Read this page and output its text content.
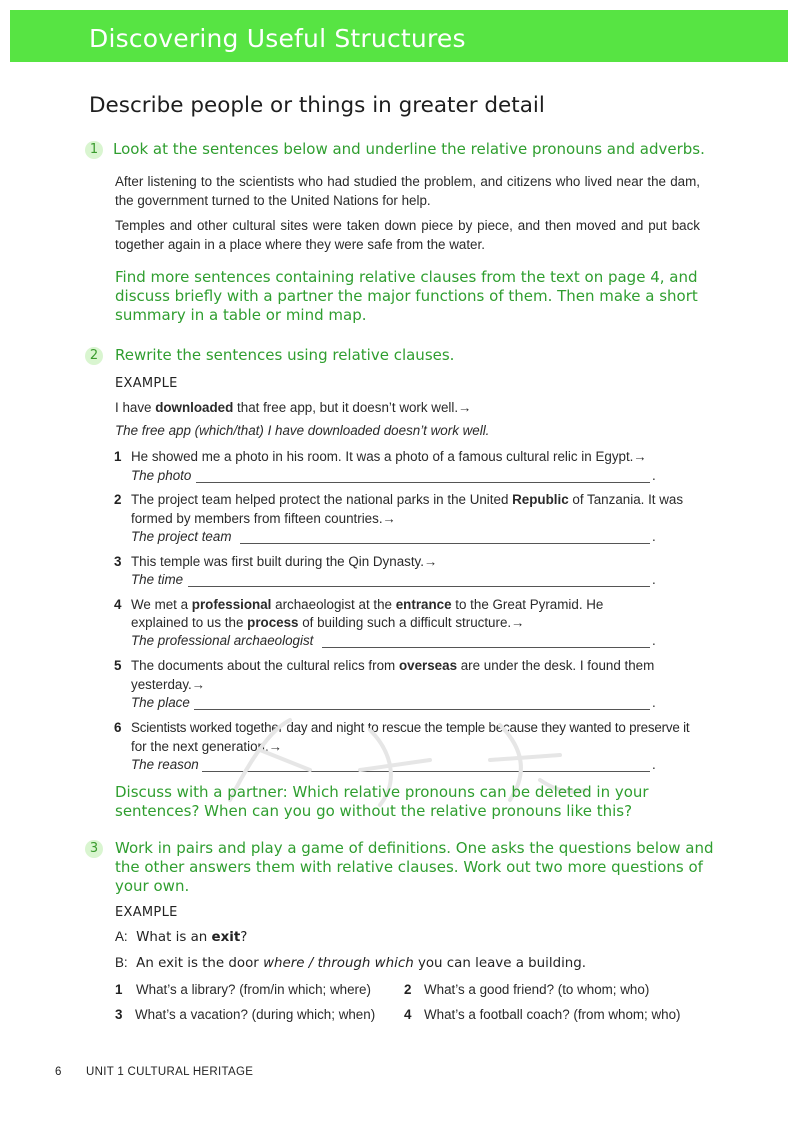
Discovering Useful Structures
Describe people or things in greater detail
1 Look at the sentences below and underline the relative pronouns and adverbs.
After listening to the scientists who had studied the problem, and citizens who lived near the dam, the government turned to the United Nations for help.
Temples and other cultural sites were taken down piece by piece, and then moved and put back together again in a place where they were safe from the water.
Find more sentences containing relative clauses from the text on page 4, and
discuss briefly with a partner the major functions of them. Then make a short
summary in a table or mind map.
2	Rewrite the sentences using relative clauses.
EXAMPLE
I have downloaded that free app, but it doesn’t work well.→
The free app (which/that) I have downloaded doesn’t work well.
1 He showed me a photo in his room. It was a photo of a famous cultural relic in Egypt.→
The photo	.
2 The project team helped protect the national parks in the United Republic of Tanzania. It was
formed by members from fifteen countries.→
The project team	.
3 This temple was first built during the Qin Dynasty.→
The time	.
4 We met a professional archaeologist at the entrance to the Great Pyramid. He
explained to us the process of building such a difficult structure.→
The professional archaeologist	.
5 The documents about the cultural relics from overseas are under the desk. I found them
yesterday.→
The place	.
6 Scientists worked together day and night to rescue the temple because they wanted to preserve it
for the next generation.→
The reason	.
Discuss with a partner: Which relative pronouns can be deleted in your
sentences? When can you go without the relative pronouns like this?
3	Work in pairs and play a game of definitions. One asks the questions below and
the other answers them with relative clauses. Work out two more questions of
your own.
EXAMPLE
A: What is an exit?
B: An exit is the door where / through which you can leave a building.
1 What’s a library? (from/in which; where) 2 What’s a good friend? (to whom; who)
3 What’s a vacation? (during which; when) 4 What’s a football coach? (from whom; who)
6 UNIT 1 CULTURAL HERITAGE
